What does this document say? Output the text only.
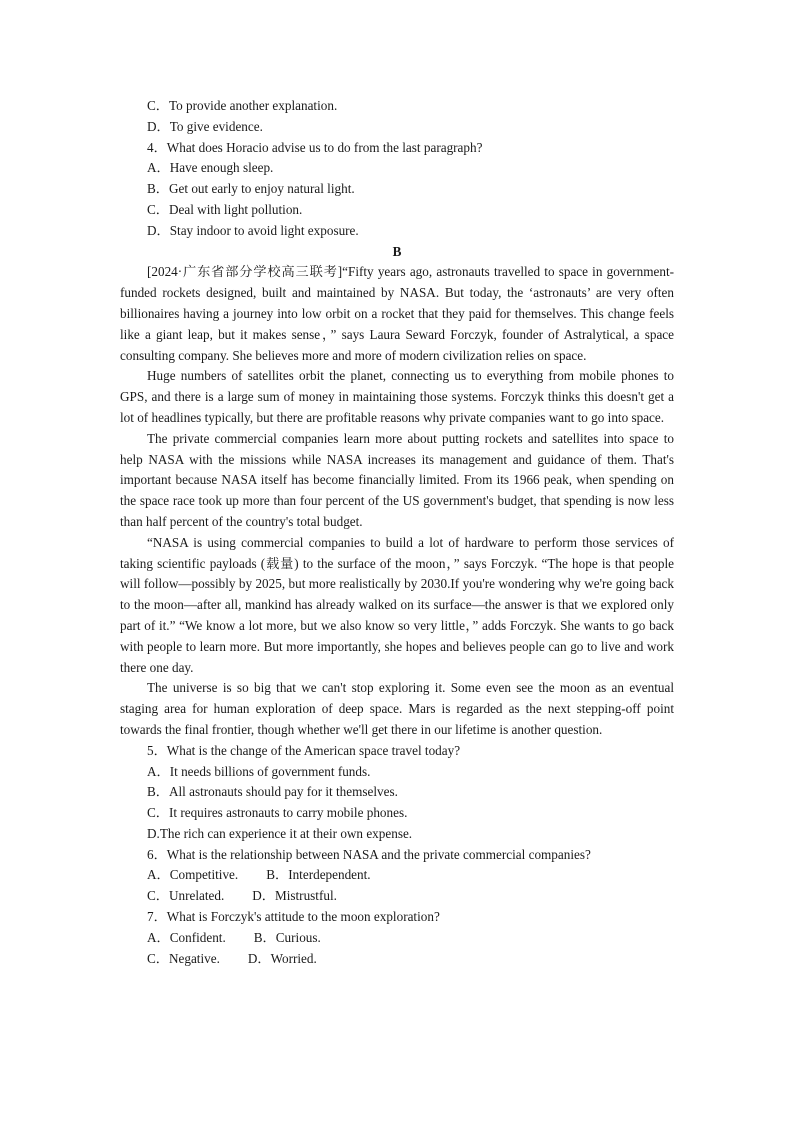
C．To provide another explanation.
D．To give evidence.
4．What does Horacio advise us to do from the last paragraph?
A．Have enough sleep.
B．Get out early to enjoy natural light.
C．Deal with light pollution.
D．Stay indoor to avoid light exposure.
B
[2024·广东省部分学校高三联考]“Fifty years ago, astronauts travelled to space in government-funded rockets designed, built and maintained by NASA. But today, the ‘astronauts’ are very often billionaires having a journey into low orbit on a rocket that they paid for themselves. This change feels like a giant leap, but it makes sense，” says Laura Seward Forczyk, founder of Astralytical, a space consulting company. She believes more and more of modern civilization relies on space.
Huge numbers of satellites orbit the planet, connecting us to everything from mobile phones to GPS, and there is a large sum of money in maintaining those systems. Forczyk thinks this doesn't get a lot of headlines typically, but there are profitable reasons why private companies want to go into space.
The private commercial companies learn more about putting rockets and satellites into space to help NASA with the missions while NASA increases its management and guidance of them. That's important because NASA itself has become financially limited. From its 1966 peak, when spending on the space race took up more than four percent of the US government's budget, that spending is now less than half percent of the country's total budget.
“NASA is using commercial companies to build a lot of hardware to perform those services of taking scientific payloads (载量) to the surface of the moon，” says Forczyk. “The hope is that people will follow—possibly by 2025, but more realistically by 2030.If you're wondering why we're going back to the moon—after all, mankind has already walked on its surface—the answer is that we explored only part of it.” “We know a lot more, but we also know so very little，” adds Forczyk. She wants to go back with people to learn more. But more importantly, she hopes and believes people can go to live and work there one day.
The universe is so big that we can't stop exploring it. Some even see the moon as an eventual staging area for human exploration of deep space. Mars is regarded as the next stepping-off point towards the final frontier, though whether we'll get there in our lifetime is another question.
5．What is the change of the American space travel today?
A．It needs billions of government funds.
B．All astronauts should pay for it themselves.
C．It requires astronauts to carry mobile phones.
D.The rich can experience it at their own expense.
6．What is the relationship between NASA and the private commercial companies?
A．Competitive. B．Interdependent.
C．Unrelated. D．Mistrustful.
7．What is Forczyk's attitude to the moon exploration?
A．Confident. B．Curious.
C．Negative. D．Worried.
